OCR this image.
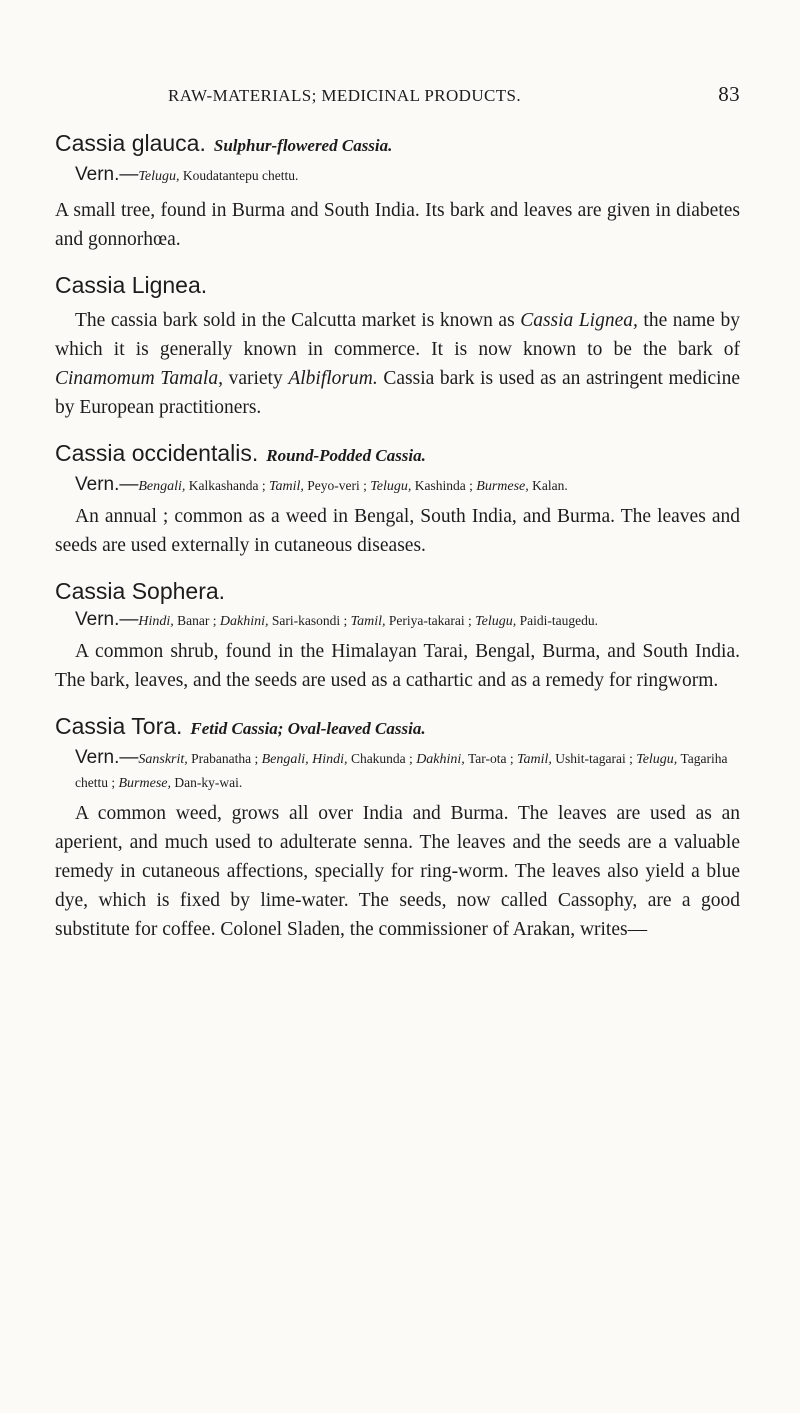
RAW-MATERIALS; MEDICINAL PRODUCTS.	83

Cassia glauca. Sulphur-flowered Cassia.

Vern.—Telugu, Koudatantepu chettu.

A small tree, found in Burma and South India. Its bark and leaves are given in diabetes and gonnorhœa.

Cassia Lignea.

The cassia bark sold in the Calcutta market is known as Cassia Lignea, the name by which it is generally known in commerce. It is now known to be the bark of Cinamomum Tamala, variety Albiflorum. Cassia bark is used as an astringent medicine by European practitioners.

Cassia occidentalis. Round-Podded Cassia.

Vern.—Bengali, Kalkashanda ; Tamil, Peyo-veri ; Telugu, Kashinda ; Burmese, Kalan.

An annual ; common as a weed in Bengal, South India, and Burma. The leaves and seeds are used externally in cutaneous diseases.

Cassia Sophera.

Vern.—Hindi, Banar ; Dakhini, Sari-kasondi ; Tamil, Periya-takarai ; Telugu, Paidi-taugedu.

A common shrub, found in the Himalayan Tarai, Bengal, Burma, and South India. The bark, leaves, and the seeds are used as a cathartic and as a remedy for ringworm.

Cassia Tora. Fetid Cassia; Oval-leaved Cassia.

Vern.—Sanskrit, Prabanatha ; Bengali, Hindi, Chakunda ; Dakhini, Tar-ota ; Tamil, Ushit-tagarai ; Telugu, Tagariha chettu ; Burmese, Dan-ky-wai.

A common weed, grows all over India and Burma. The leaves are used as an aperient, and much used to adulterate senna. The leaves and the seeds are a valuable remedy in cutaneous affections, specially for ring-worm. The leaves also yield a blue dye, which is fixed by lime-water. The seeds, now called Cassophy, are a good substitute for coffee. Colonel Sladen, the commissioner of Arakan, writes—
